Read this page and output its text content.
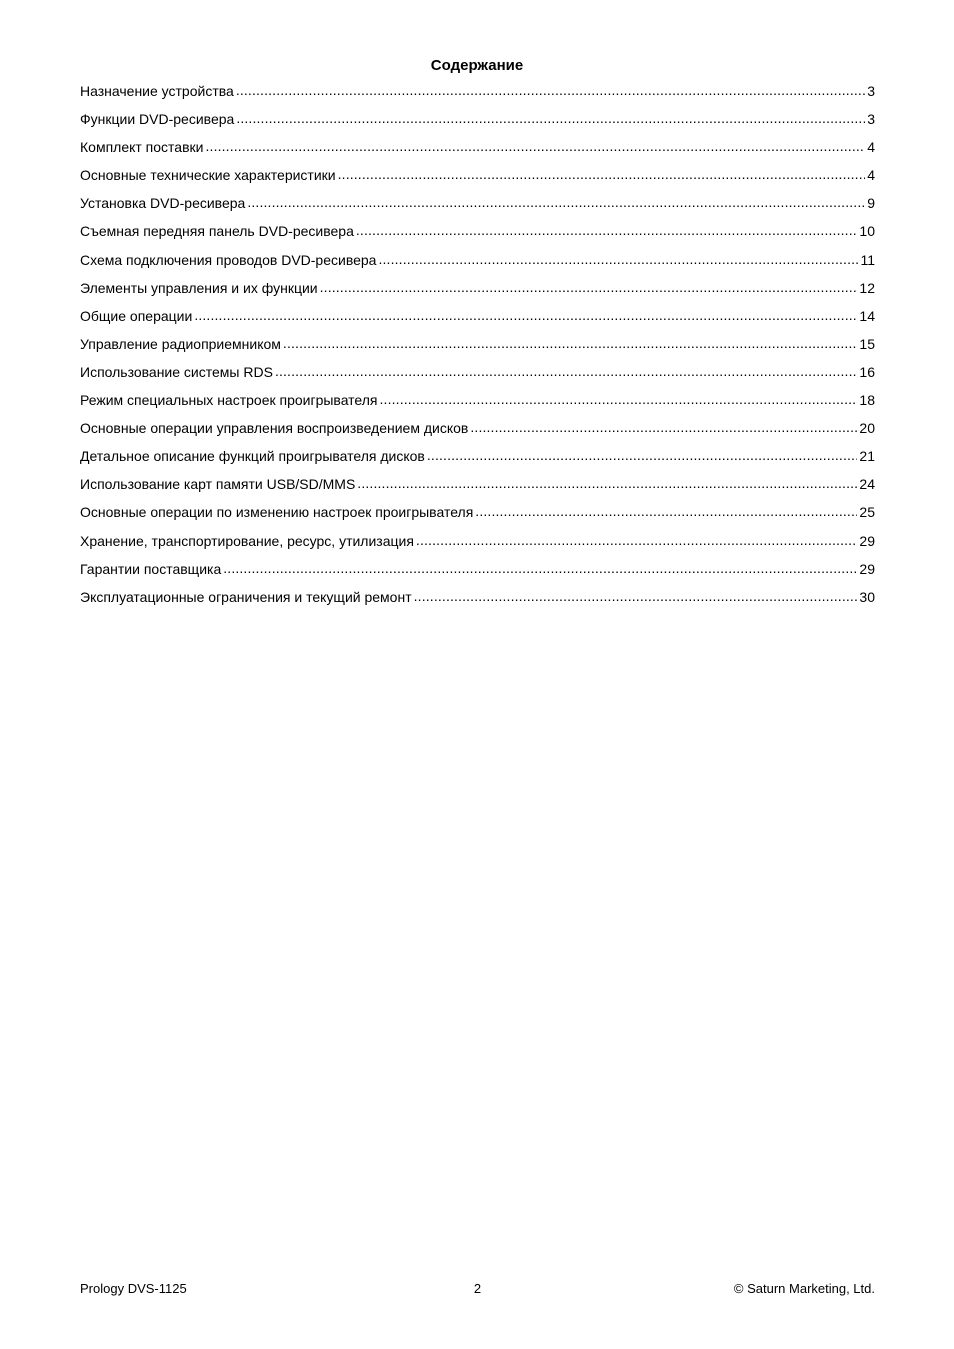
Содержание
Назначение устройства .....	3
Функции DVD-ресивера .....	3
Комплект поставки .....	4
Основные технические характеристики .....	4
Установка DVD-ресивера .....	9
Съемная передняя панель DVD-ресивера .....	10
Схема подключения проводов DVD-ресивера .....	11
Элементы управления и их функции .....	12
Общие операции .....	14
Управление радиоприемником .....	15
Использование системы RDS .....	16
Режим специальных настроек проигрывателя .....	18
Основные операции управления воспроизведением дисков .....	20
Детальное описание функций проигрывателя дисков .....	21
Использование карт памяти USB/SD/MMS .....	24
Основные операции по изменению настроек проигрывателя .....	25
Хранение, транспортирование, ресурс, утилизация .....	29
Гарантии поставщика .....	29
Эксплуатационные ограничения и текущий ремонт .....	30
2
Prology DVS-1125	© Saturn Marketing, Ltd.
